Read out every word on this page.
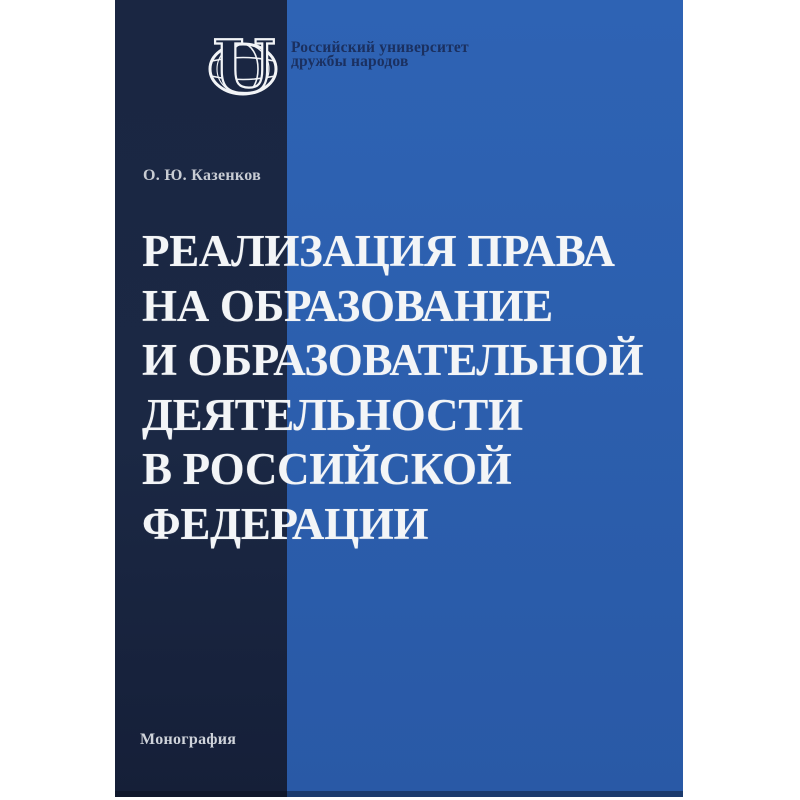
U Российский университет
дружбы народов
О. Ю. Казенков
РЕАЛИЗАЦИЯ ПРАВА
НА ОБРАЗОВАНИЕ
И ОБРАЗОВАТЕЛЬНОЙ
ДЕЯТЕЛЬНОСТИ
В РОССИЙСКОЙ
ФЕДЕРАЦИИ
Монография
